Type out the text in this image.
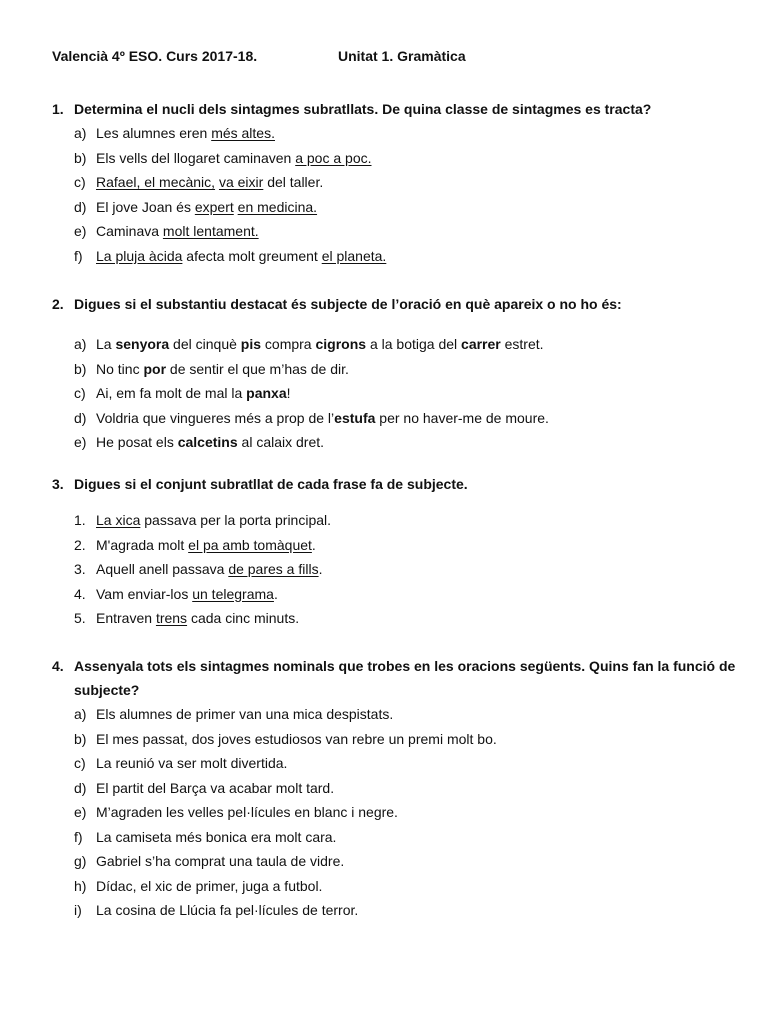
Valencià 4º ESO. Curs 2017-18.	Unitat 1. Gramàtica
1. Determina el nucli dels sintagmes subratllats. De quina classe de sintagmes es tracta?
a) Les alumnes eren més altes.
b) Els vells del llogaret caminaven a poc a poc.
c) Rafael, el mecànic, va eixir del taller.
d) El jove Joan és expert en medicina.
e) Caminava molt lentament.
f) La pluja àcida afecta molt greument el planeta.
2. Digues si el substantiu destacat és subjecte de l’oració en què apareix o no ho és:
a) La senyora del cinquè pis compra cigrons a la botiga del carrer estret.
b) No tinc por de sentir el que m’has de dir.
c) Ai, em fa molt de mal la panxa!
d) Voldria que vingueres més a prop de l’estufa per no haver-me de moure.
e) He posat els calcetins al calaix dret.
3. Digues si el conjunt subratllat de cada frase fa de subjecte.
1. La xica passava per la porta principal.
2. M'agrada molt el pa amb tomàquet.
3. Aquell anell passava de pares a fills.
4. Vam enviar-los un telegrama.
5. Entraven trens cada cinc minuts.
4. Assenyala tots els sintagmes nominals que trobes en les oracions següents. Quins fan la funció de subjecte?
a) Els alumnes de primer van una mica despistats.
b) El mes passat, dos joves estudiosos van rebre un premi molt bo.
c) La reunió va ser molt divertida.
d) El partit del Barça va acabar molt tard.
e) M’agraden les velles pel·lícules en blanc i negre.
f) La camiseta més bonica era molt cara.
g) Gabriel s’ha comprat una taula de vidre.
h) Dídac, el xic de primer, juga a futbol.
i)	La cosina de Llúcia fa pel·lícules de terror.
